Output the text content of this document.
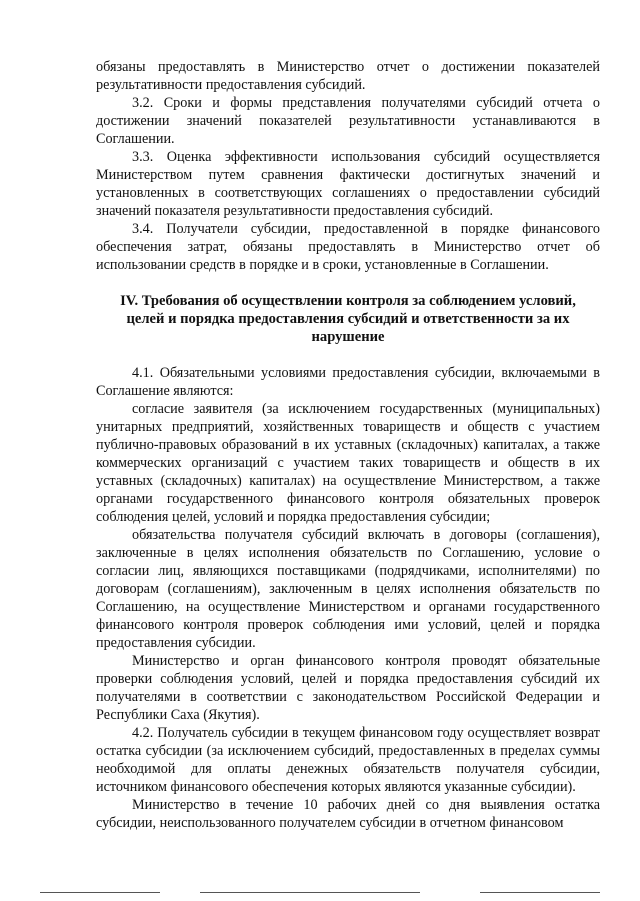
обязаны предоставлять в Министерство отчет о достижении показателей результативности предоставления субсидий.

3.2. Сроки и формы представления получателями субсидий отчета о достижении значений показателей результативности устанавливаются в Соглашении.

3.3. Оценка эффективности использования субсидий осуществляется Министерством путем сравнения фактически достигнутых значений и установленных в соответствующих соглашениях о предоставлении субсидий значений показателя результативности предоставления субсидий.

3.4. Получатели субсидии, предоставленной в порядке финансового обеспечения затрат, обязаны предоставлять в Министерство отчет об использовании средств в порядке и в сроки, установленные в Соглашении.

IV. Требования об осуществлении контроля за соблюдением условий,
целей и порядка предоставления субсидий и ответственности за их
нарушение

4.1. Обязательными условиями предоставления субсидии, включаемыми в Соглашение являются:

согласие заявителя (за исключением государственных (муниципальных) унитарных предприятий, хозяйственных товариществ и обществ с участием публично-правовых образований в их уставных (складочных) капиталах, а также коммерческих организаций с участием таких товариществ и обществ в их уставных (складочных) капиталах) на осуществление Министерством, а также органами государственного финансового контроля обязательных проверок соблюдения целей, условий и порядка предоставления субсидии;

обязательства получателя субсидий включать в договоры (соглашения), заключенные в целях исполнения обязательств по Соглашению, условие о согласии лиц, являющихся поставщиками (подрядчиками, исполнителями) по договорам (соглашениям), заключенным в целях исполнения обязательств по Соглашению, на осуществление Министерством и органами государственного финансового контроля проверок соблюдения ими условий, целей и порядка предоставления субсидии.

Министерство и орган финансового контроля проводят обязательные проверки соблюдения условий, целей и порядка предоставления субсидий их получателями в соответствии с законодательством Российской Федерации и Республики Саха (Якутия).

4.2. Получатель субсидии в текущем финансовом году осуществляет возврат остатка субсидии (за исключением субсидий, предоставленных в пределах суммы необходимой для оплаты денежных обязательств получателя субсидии, источником финансового обеспечения которых являются указанные субсидии).

Министерство в течение 10 рабочих дней со дня выявления остатка субсидии, неиспользованного получателем субсидии в отчетном финансовом
